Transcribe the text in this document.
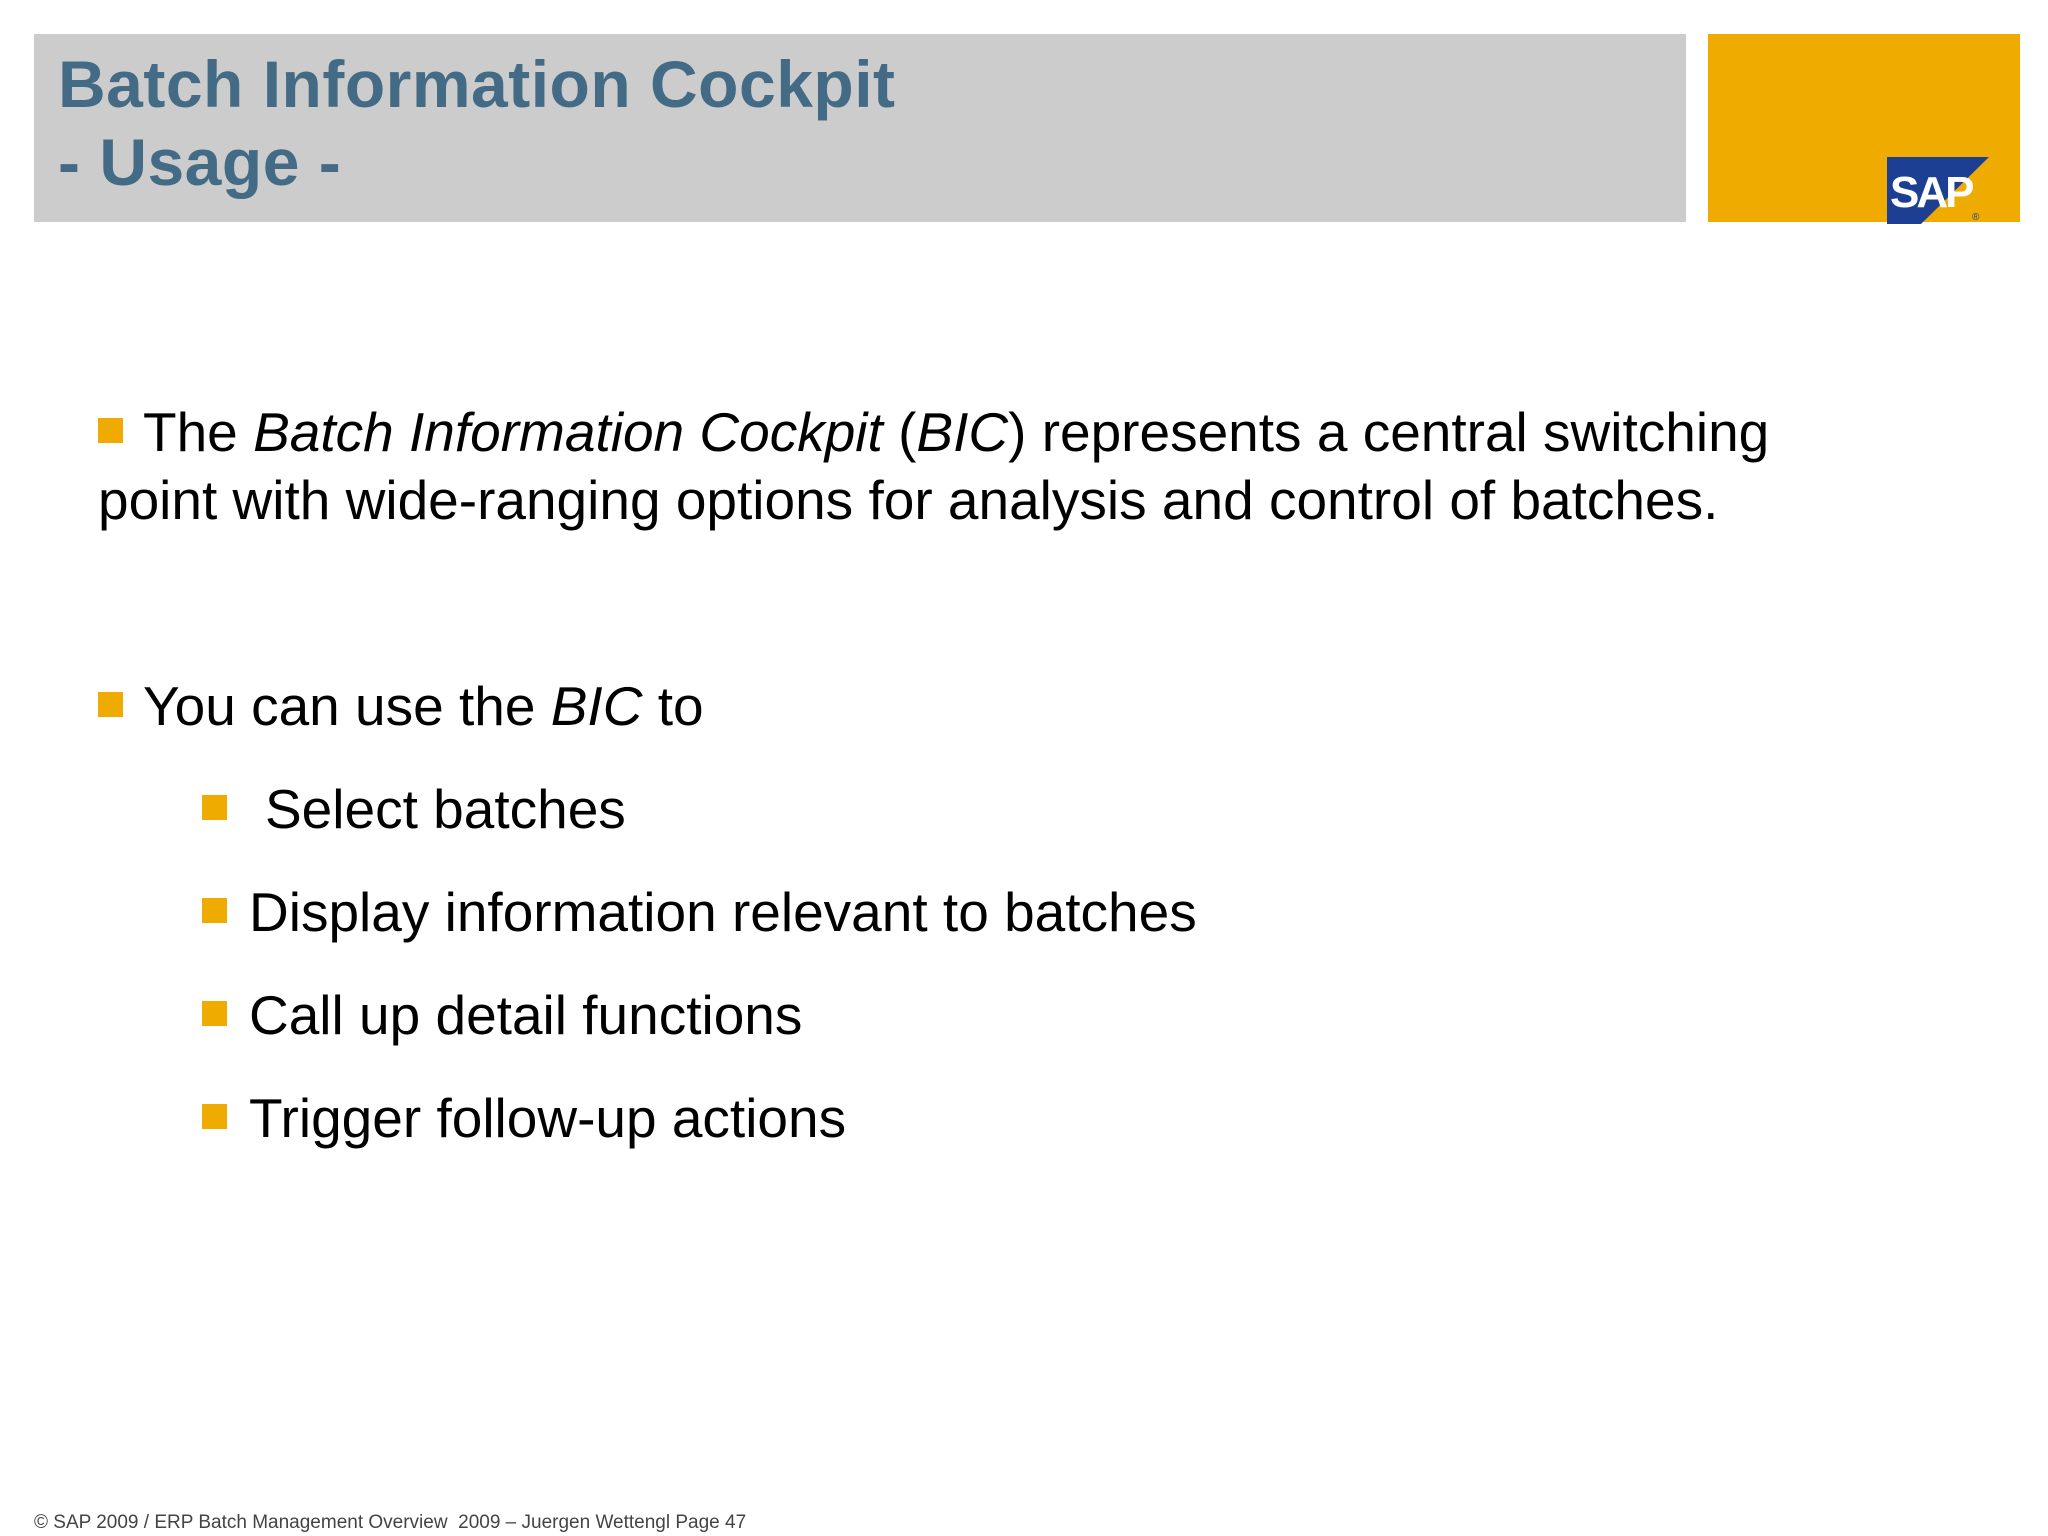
Batch Information Cockpit
- Usage -	SAP
®
The Batch Information Cockpit (BIC) represents a central switching point with wide-ranging options for analysis and control of batches.
You can use the BIC to
Select batches
Display information relevant to batches
Call up detail functions
Trigger follow-up actions
© SAP 2009 / ERP Batch Management Overview  2009 – Juergen Wettengl Page 47
